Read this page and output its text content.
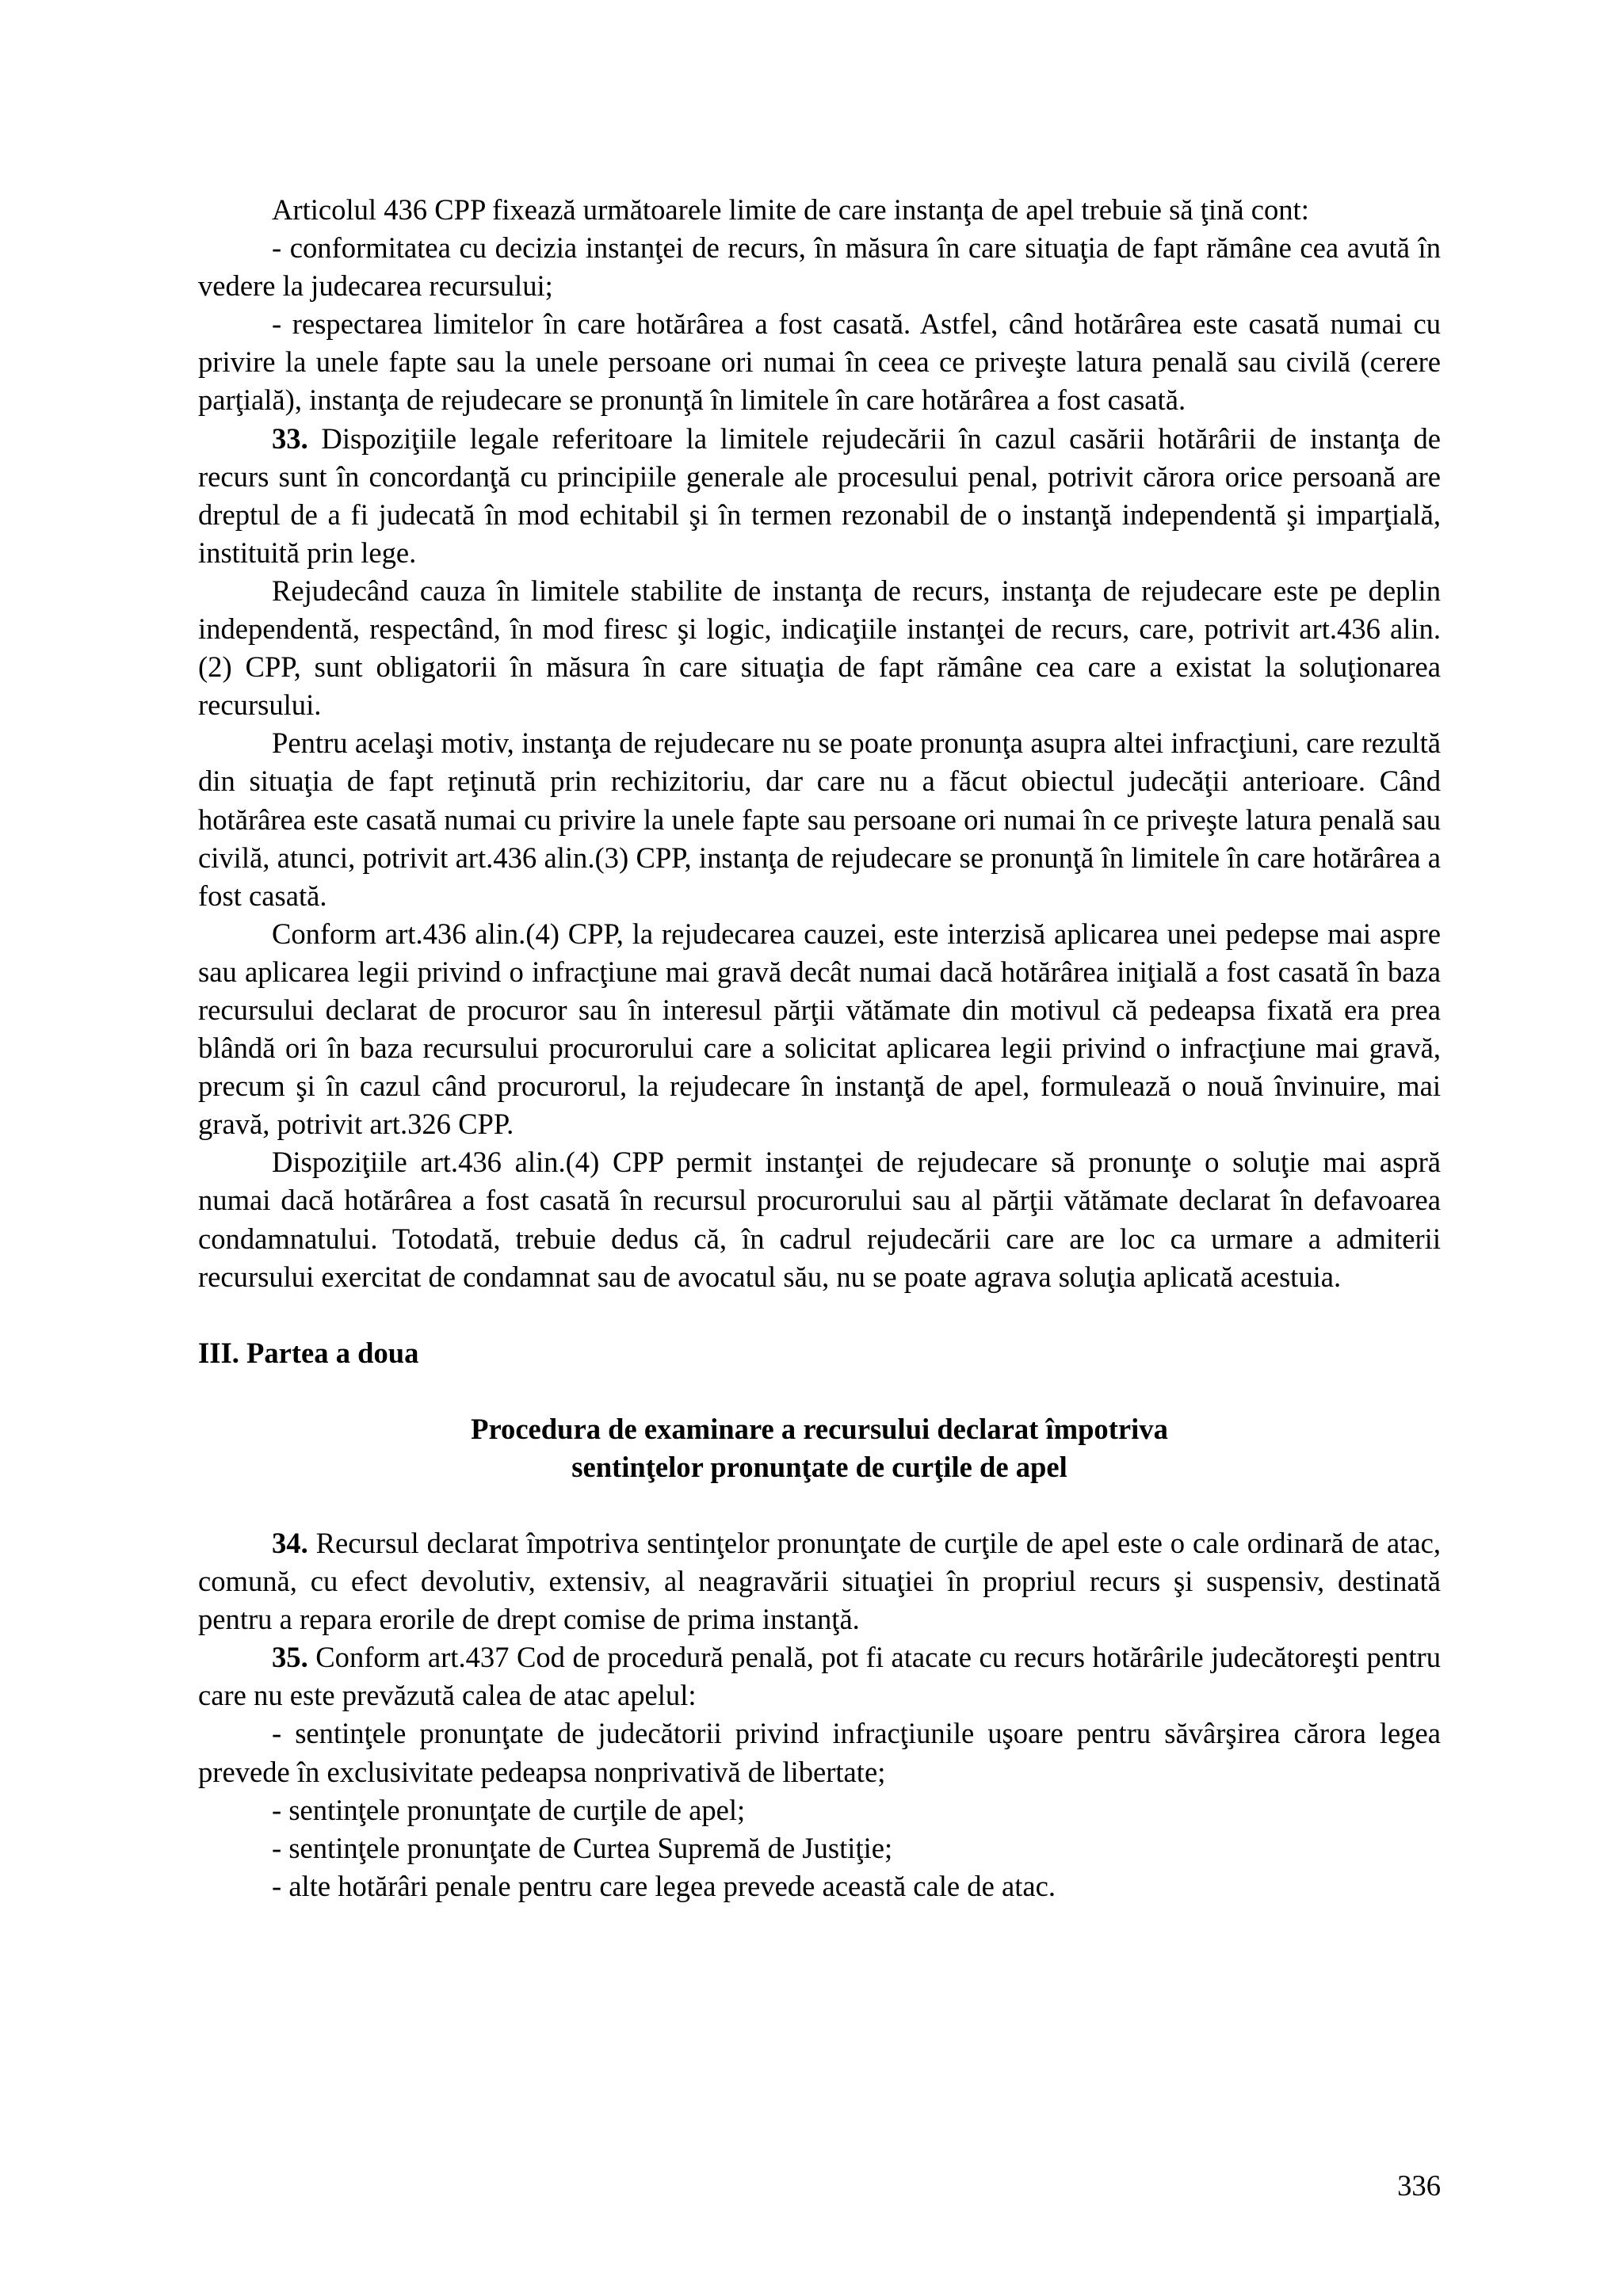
Articolul 436 CPP fixează următoarele limite de care instanţa de apel trebuie să ţină cont:

- conformitatea cu decizia instanţei de recurs, în măsura în care situaţia de fapt rămâne cea avută în vedere la judecarea recursului;

- respectarea limitelor în care hotărârea a fost casată. Astfel, când hotărârea este casată numai cu privire la unele fapte sau la unele persoane ori numai în ceea ce priveşte latura penală sau civilă (cerere parţială), instanţa de rejudecare se pronunţă în limitele în care hotărârea a fost casată.

33. Dispoziţiile legale referitoare la limitele rejudecării în cazul casării hotărârii de instanţa de recurs sunt în concordanţă cu principiile generale ale procesului penal, potrivit cărora orice persoană are dreptul de a fi judecată în mod echitabil şi în termen rezonabil de o instanţă independentă şi imparţială, instituită prin lege.

Rejudecând cauza în limitele stabilite de instanţa de recurs, instanţa de rejudecare este pe deplin independentă, respectând, în mod firesc şi logic, indicaţiile instanţei de recurs, care, potrivit art.436 alin.(2) CPP, sunt obligatorii în măsura în care situaţia de fapt rămâne cea care a existat la soluţionarea recursului.

Pentru acelaşi motiv, instanţa de rejudecare nu se poate pronunţa asupra altei infracţiuni, care rezultă din situaţia de fapt reţinută prin rechizitoriu, dar care nu a făcut obiectul judecăţii anterioare. Când hotărârea este casată numai cu privire la unele fapte sau persoane ori numai în ce priveşte latura penală sau civilă, atunci, potrivit art.436 alin.(3) CPP, instanţa de rejudecare se pronunţă în limitele în care hotărârea a fost casată.

Conform art.436 alin.(4) CPP, la rejudecarea cauzei, este interzisă aplicarea unei pedepse mai aspre sau aplicarea legii privind o infracţiune mai gravă decât numai dacă hotărârea iniţială a fost casată în baza recursului declarat de procuror sau în interesul părţii vătămate din motivul că pedeapsa fixată era prea blândă ori în baza recursului procurorului care a solicitat aplicarea legii privind o infracţiune mai gravă, precum şi în cazul când procurorul, la rejudecare în instanţă de apel, formulează o nouă învinuire, mai gravă, potrivit art.326 CPP.

Dispoziţiile art.436 alin.(4) CPP permit instanţei de rejudecare să pronunţe o soluţie mai aspră numai dacă hotărârea a fost casată în recursul procurorului sau al părţii vătămate declarat în defavoarea condamnatului. Totodată, trebuie dedus că, în cadrul rejudecării care are loc ca urmare a admiterii recursului exercitat de condamnat sau de avocatul său, nu se poate agrava soluţia aplicată acestuia.

III. Partea a doua

Procedura de examinare a recursului declarat împotriva
sentinţelor pronunţate de curţile de apel

34. Recursul declarat împotriva sentinţelor pronunţate de curţile de apel este o cale ordinară de atac, comună, cu efect devolutiv, extensiv, al neagravării situaţiei în propriul recurs şi suspensiv, destinată pentru a repara erorile de drept comise de prima instanţă.

35. Conform art.437 Cod de procedură penală, pot fi atacate cu recurs hotărârile judecătoreşti pentru care nu este prevăzută calea de atac apelul:

- sentinţele pronunţate de judecătorii privind infracţiunile uşoare pentru săvârşirea cărora legea prevede în exclusivitate pedeapsa nonprivativă de libertate;

- sentinţele pronunţate de curţile de apel;

- sentinţele pronunţate de Curtea Supremă de Justiţie;

- alte hotărâri penale pentru care legea prevede această cale de atac.

336
